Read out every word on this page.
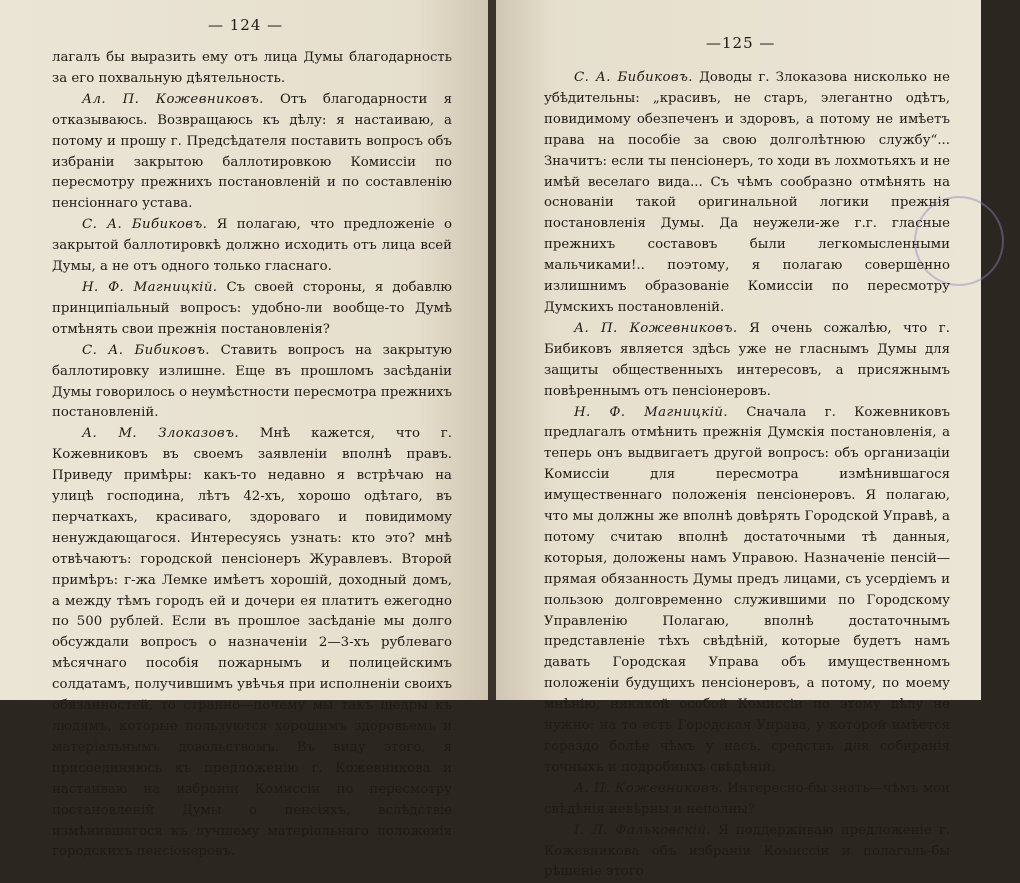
— 124 —

лагалъ бы выразить ему отъ лица Думы благодарность за его похвальную дѣятельность.

Ал. П. Кожевниковъ. Отъ благодарности я отказываюсь. Возвращаюсь къ дѣлу: я настаиваю, а потому и прошу г. Предсѣдателя поставить вопросъ объ избраніи закрытою баллотировкою Комиссіи по пересмотру прежнихъ постановленій и по составленію пенсіоннаго устава.

С. А. Бибиковъ. Я полагаю, что предложеніе о закрытой баллотировкѣ должно исходить отъ лица всей Думы, а не отъ одного только гласнаго.

Н. Ф. Магницкій. Съ своей стороны, я добавлю принципіальный вопросъ: удобно-ли вообще-то Думѣ отмѣнять свои прежнія постановленія?

С. А. Бибиковъ. Ставить вопросъ на закрытую баллотировку излишне. Еще въ прошломъ засѣданіи Думы говорилось о неумѣстности пересмотра прежнихъ постановленій.

А. М. Злоказовъ. Мнѣ кажется, что г. Кожевниковъ въ своемъ заявленіи вполнѣ правъ. Приведу примѣры: какъ-то недавно я встрѣчаю на улицѣ господина, лѣтъ 42-хъ, хорошо одѣтаго, въ перчаткахъ, красиваго, здороваго и повидимому ненуждающагося. Интересуясь узнать: кто это? мнѣ отвѣчаютъ: городской пенсіонеръ Журавлевъ. Второй примѣръ: г-жа Лемке имѣетъ хорошій, доходный домъ, а между тѣмъ городъ ей и дочери ея платитъ ежегодно по 500 рублей. Если въ прошлое засѣданіе мы долго обсуждали вопросъ о назначеніи 2—3-хъ рублеваго мѣсячнаго пособія пожарнымъ и полицейскимъ солдатамъ, получившимъ увѣчья при исполненіи своихъ обязанностей, то странно—почему мы такъ щедры къ людямъ, которые пользуются хорошимъ здоровьемъ и матеріальнымъ довольствомъ. Въ виду этого, я присоединяюсь къ предложенію г. Кожевникова и настаиваю на избраніи Комиссіи по пересмотру постановленій Думы о пенсіяхъ, вслѣдствіе измѣнившагося къ лучшему матеріальнаго положенія городскихъ пенсіонеровъ.

—125 —

С. А. Бибиковъ. Доводы г. Злоказова нисколько не убѣдительны: „красивъ, не старъ, элегантно одѣтъ, повидимому обезпеченъ и здоровъ, а потому не имѣетъ права на пособіе за свою долголѣтнюю службу“... Значитъ: если ты пенсіонеръ, то ходи въ лохмотьяхъ и не имѣй веселаго вида... Съ чѣмъ сообразно отмѣнять на основаніи такой оригинальной логики прежнія постановленія Думы. Да неужели-же г.г. гласные прежнихъ составовъ были легкомысленными мальчиками!.. поэтому, я полагаю совершенно излишнимъ образованіе Комиссіи по пересмотру Думскихъ постановленій.

А. П. Кожевниковъ. Я очень сожалѣю, что г. Бибиковъ является здѣсь уже не гласнымъ Думы для защиты общественныхъ интересовъ, а присяжнымъ повѣреннымъ отъ пенсіонеровъ.

Н. Ф. Магницкій. Сначала г. Кожевниковъ предлагалъ отмѣнить прежнія Думскія постановленія, а теперь онъ выдвигаетъ другой вопросъ: объ организаціи Комиссіи для пересмотра измѣнившагося имущественнаго положенія пенсіонеровъ. Я полагаю, что мы должны же вполнѣ довѣрять Городской Управѣ, а потому считаю вполнѣ достаточными тѣ данныя, которыя, доложены намъ Управою. Назначеніе пенсій—прямая обязанность Думы предъ лицами, съ усердіемъ и пользою долговременно служившими по Городскому Управленію Полагаю, вполнѣ достаточнымъ представленіе тѣхъ свѣдѣній, которые будетъ намъ давать Городская Управа объ имущественномъ положеніи будущихъ пенсіонеровъ, а потому, по моему мнѣнію, никакой особой Комиссіи по этому дѣлу не нужно: на то есть Городская Управа, у которой имѣется гораздо болѣе чѣмъ у насъ, средствъ для собиранія точныхъ и подробныхъ свѣдѣній.

А. П. Кожевниковъ. Интересно-бы знать—чѣмъ мои свѣдѣнія невѣрны и неполны?

І. Л. Фальковскій. Я поддерживаю предложеніе г. Кожевникова объ избраніи Комиссіи и полагаль-бы рѣшеніе этого
